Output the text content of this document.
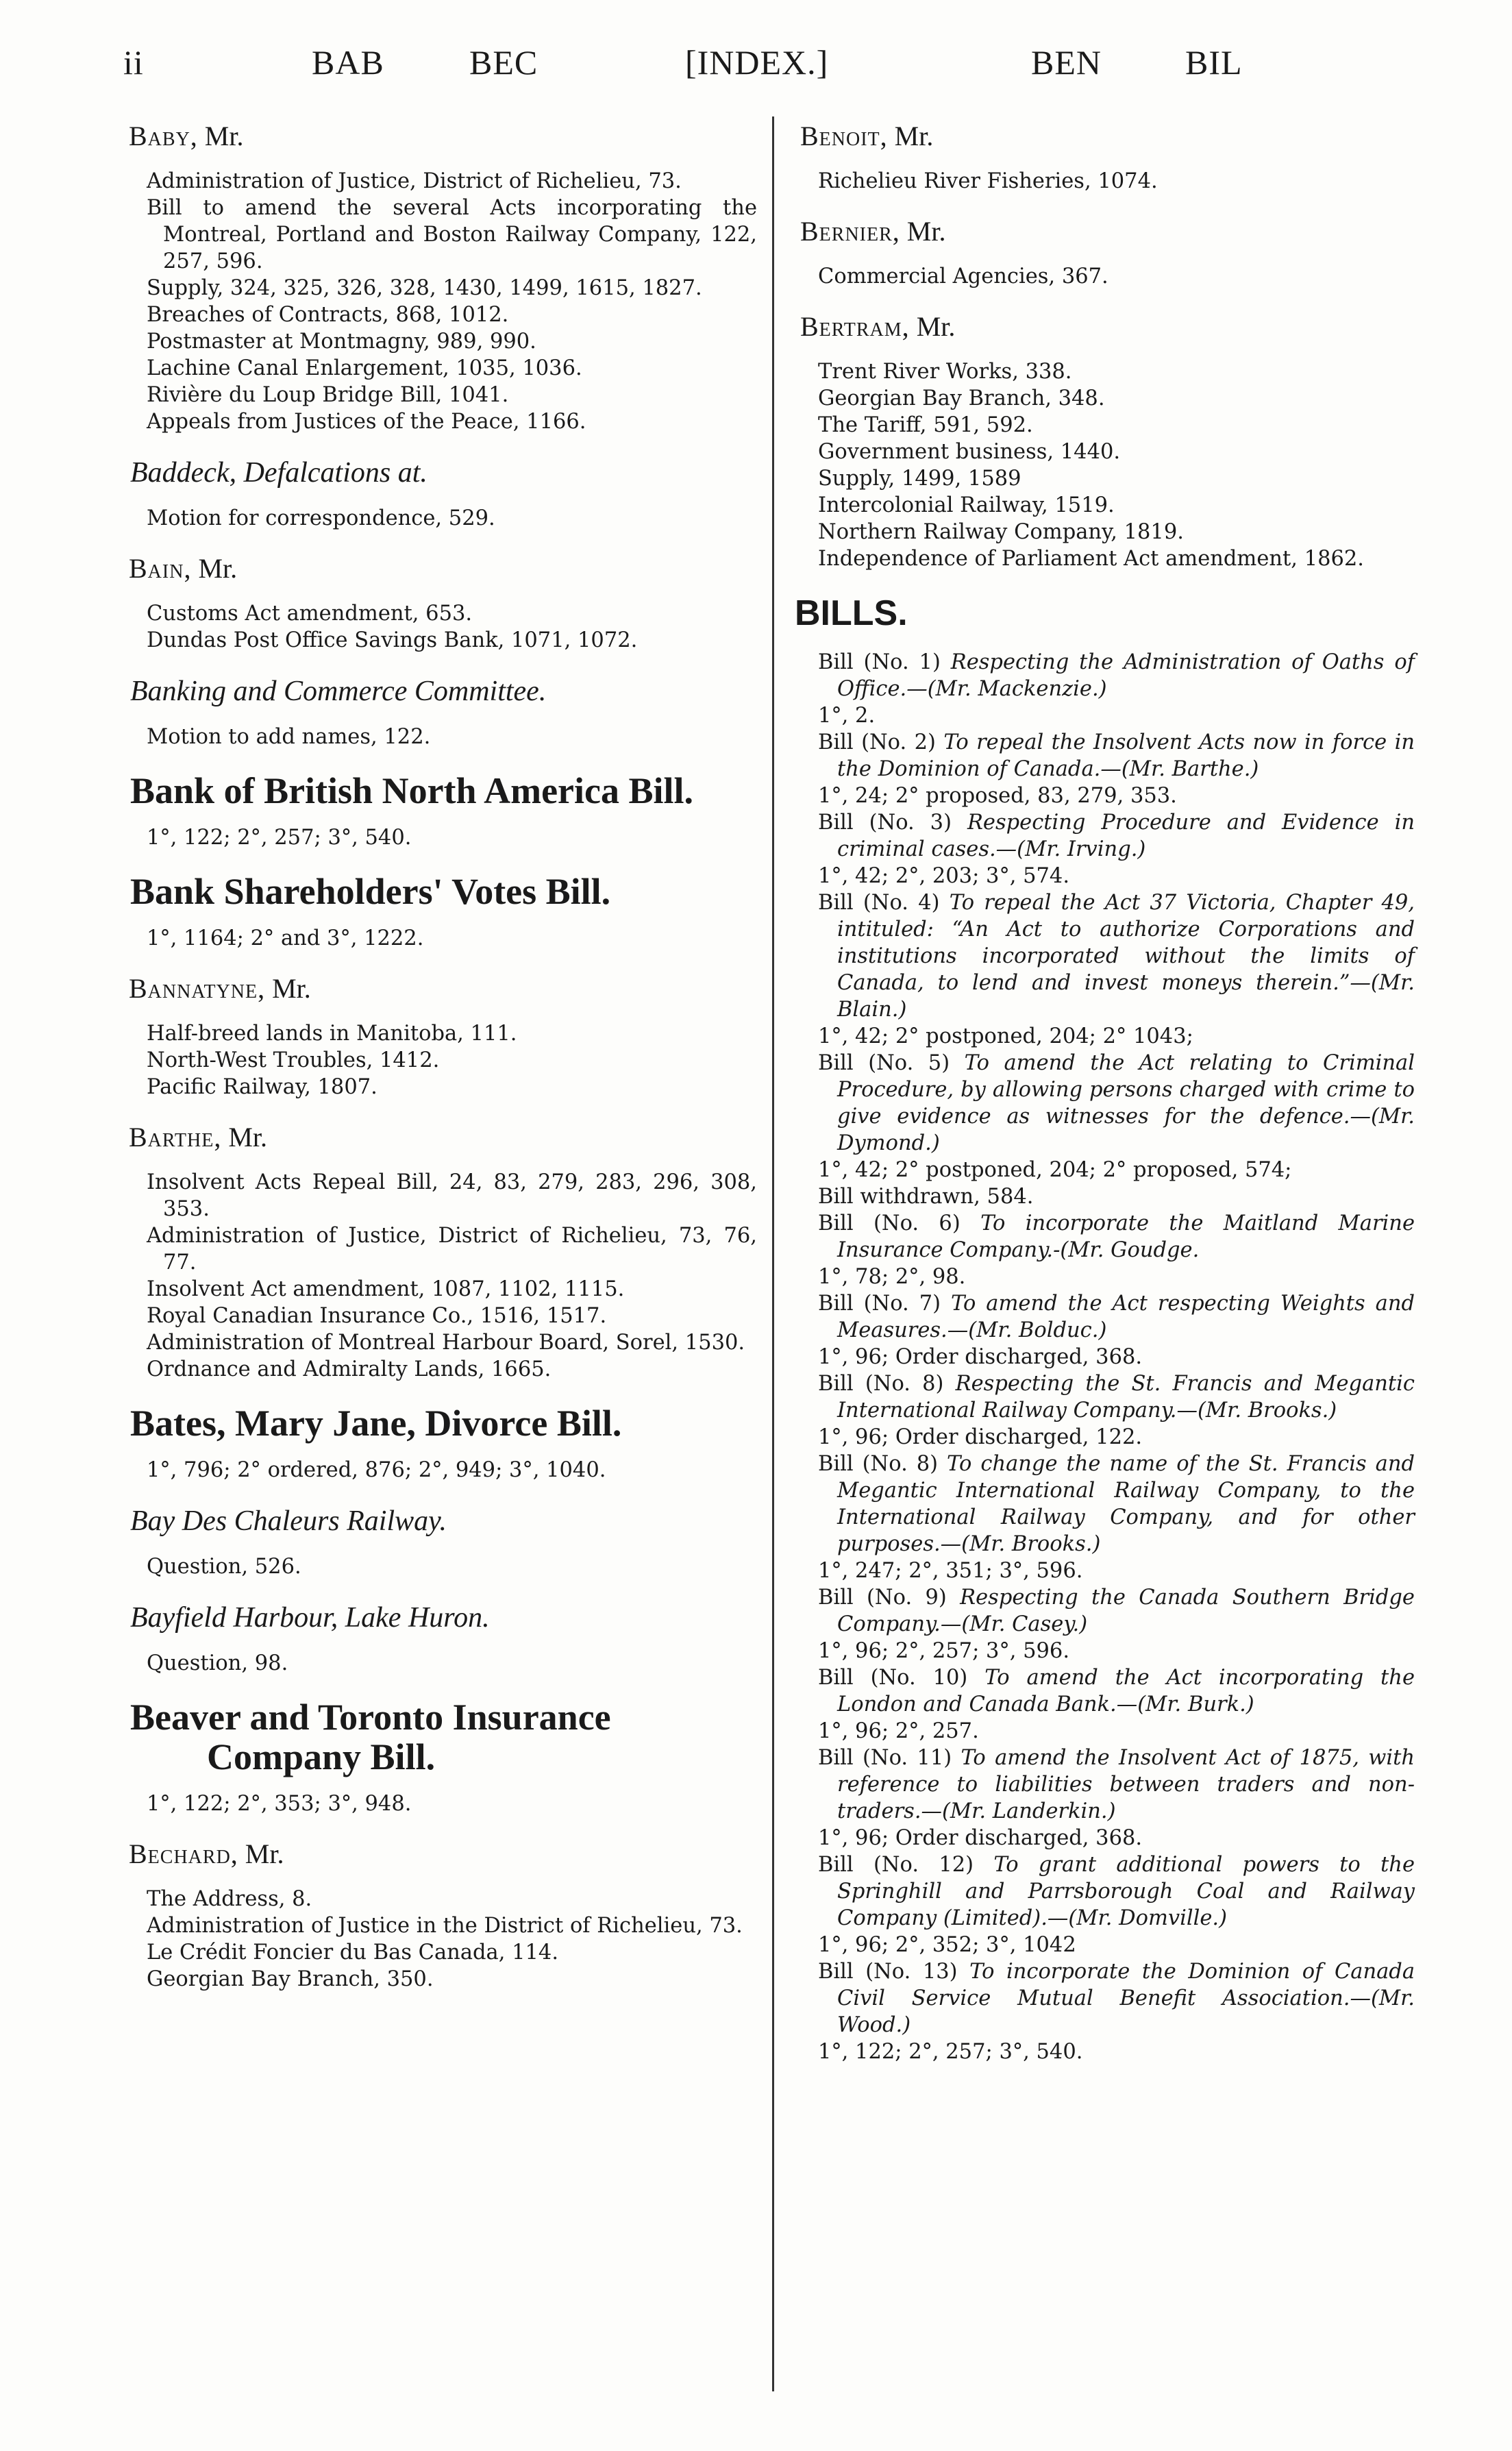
ii	BAB BEC	[INDEX.]	BEN BIL
Baby, Mr.
Administration of Justice, District of Richelieu, 73.
Bill to amend the several Acts incorporating the Montreal, Portland and Boston Railway Company, 122, 257, 596.
Supply, 324, 325, 326, 328, 1430, 1499, 1615, 1827.
Breaches of Contracts, 868, 1012.
Postmaster at Montmagny, 989, 990.
Lachine Canal Enlargement, 1035, 1036.
Rivière du Loup Bridge Bill, 1041.
Appeals from Justices of the Peace, 1166.
Baddeck, Defalcations at.
Motion for correspondence, 529.
Bain, Mr.
Customs Act amendment, 653.
Dundas Post Office Savings Bank, 1071, 1072.
Banking and Commerce Committee.
Motion to add names, 122.
Bank of British North America Bill.
1°, 122; 2°, 257; 3°, 540.
Bank Shareholders' Votes Bill.
1°, 1164; 2° and 3°, 1222.
Bannatyne, Mr.
Half-breed lands in Manitoba, 111.
North-West Troubles, 1412.
Pacific Railway, 1807.
Barthe, Mr.
Insolvent Acts Repeal Bill, 24, 83, 279, 283, 296, 308, 353.
Administration of Justice, District of Richelieu, 73, 76, 77.
Insolvent Act amendment, 1087, 1102, 1115.
Royal Canadian Insurance Co., 1516, 1517.
Administration of Montreal Harbour Board, Sorel, 1530.
Ordnance and Admiralty Lands, 1665.
Bates, Mary Jane, Divorce Bill.
1°, 796; 2° ordered, 876; 2°, 949; 3°, 1040.
Bay Des Chaleurs Railway.
Question, 526.
Bayfield Harbour, Lake Huron.
Question, 98.
Beaver and Toronto Insurance Company Bill.
1°, 122; 2°, 353; 3°, 948.
Bechard, Mr.
The Address, 8.
Administration of Justice in the District of Richelieu, 73.
Le Crédit Foncier du Bas Canada, 114.
Georgian Bay Branch, 350.
Benoit, Mr.
Richelieu River Fisheries, 1074.
Bernier, Mr.
Commercial Agencies, 367.
Bertram, Mr.
Trent River Works, 338.
Georgian Bay Branch, 348.
The Tariff, 591, 592.
Government business, 1440.
Supply, 1499, 1589
Intercolonial Railway, 1519.
Northern Railway Company, 1819.
Independence of Parliament Act amendment, 1862.
BILLS.
Bill (No. 1) Respecting the Administration of Oaths of Office.—(Mr. Mackenzie.)
1°, 2.
Bill (No. 2) To repeal the Insolvent Acts now in force in the Dominion of Canada.—(Mr. Barthe.)
1°, 24; 2° proposed, 83, 279, 353.
Bill (No. 3) Respecting Procedure and Evidence in criminal cases.—(Mr. Irving.)
1°, 42; 2°, 203; 3°, 574.
Bill (No. 4) To repeal the Act 37 Victoria, Chapter 49, intituled: “An Act to authorize Corporations and institutions incorporated without the limits of Canada, to lend and invest moneys therein.”—(Mr. Blain.)
1°, 42; 2° postponed, 204; 2° 1043;
Bill (No. 5) To amend the Act relating to Criminal Procedure, by allowing persons charged with crime to give evidence as witnesses for the defence.—(Mr. Dymond.)
1°, 42; 2° postponed, 204; 2° proposed, 574;
Bill withdrawn, 584.
Bill (No. 6) To incorporate the Maitland Marine Insurance Company.-(Mr. Goudge.
1°, 78; 2°, 98.
Bill (No. 7) To amend the Act respecting Weights and Measures.—(Mr. Bolduc.)
1°, 96; Order discharged, 368.
Bill (No. 8) Respecting the St. Francis and Megantic International Railway Company.—(Mr. Brooks.)
1°, 96; Order discharged, 122.
Bill (No. 8) To change the name of the St. Francis and Megantic International Railway Company, to the International Railway Company, and for other purposes.—(Mr. Brooks.)
1°, 247; 2°, 351; 3°, 596.
Bill (No. 9) Respecting the Canada Southern Bridge Company.—(Mr. Casey.)
1°, 96; 2°, 257; 3°, 596.
Bill (No. 10) To amend the Act incorporating the London and Canada Bank.—(Mr. Burk.)
1°, 96; 2°, 257.
Bill (No. 11) To amend the Insolvent Act of 1875, with reference to liabilities between traders and non-traders.—(Mr. Landerkin.)
1°, 96; Order discharged, 368.
Bill (No. 12) To grant additional powers to the Springhill and Parrsborough Coal and Railway Company (Limited).—(Mr. Domville.)
1°, 96; 2°, 352; 3°, 1042
Bill (No. 13) To incorporate the Dominion of Canada Civil Service Mutual Benefit Association.—(Mr. Wood.)
1°, 122; 2°, 257; 3°, 540.
